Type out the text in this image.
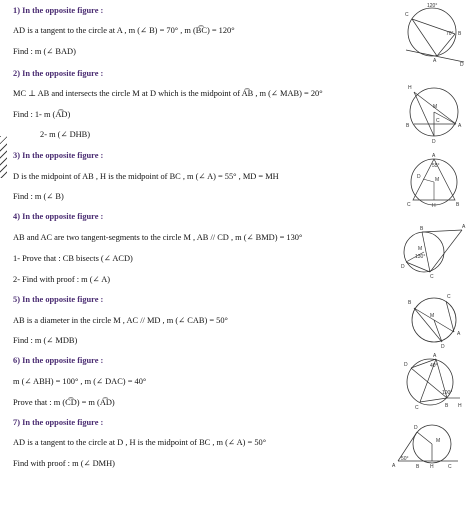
1) In the opposite figure :
AD is a tangent to the circle at A , m (∠ B) = 70° , m (B͡C) = 120°
Find : m (∠ BAD)
2) In the opposite figure :
MC ⊥ AB and intersects the circle M at D which is the midpoint of A͡B , m (∠ MAB) = 20°
Find : 1- m (A͡D)
2- m (∠ DHB)
3) In the opposite figure :
D is the midpoint of AB , H is the midpoint of BC , m (∠ A) = 55° , MD = MH
Find : m (∠ B)
4) In the opposite figure :
AB and AC are two tangent-segments to the circle M , AB // CD , m (∠ BMD) = 130°
1- Prove that : CB bisects (∠ ACD)
2- Find with proof : m (∠ A)
5) In the opposite figure :
AB is a diameter in the circle M , AC // MD , m (∠ CAB) = 50°
Find : m (∠ MDB)
6) In the opposite figure :
m (∠ ABH) = 100° , m (∠ DAC) = 40°
Prove that : m (C͡D) = m (A͡D)
7) In the opposite figure :
AD is a tangent to the circle at D , H is the midpoint of BC , m (∠ A) = 50°
Find with proof : m (∠ DMH)
C
120°
B
70°
A
D
H
M
B
C
A
D
A
D	M
55°
C	H	B
B
M
130°
D
C
A
B
C
M
A
D
D
A
40°
100°
C	B H
D
M
A
50°
B H	C
